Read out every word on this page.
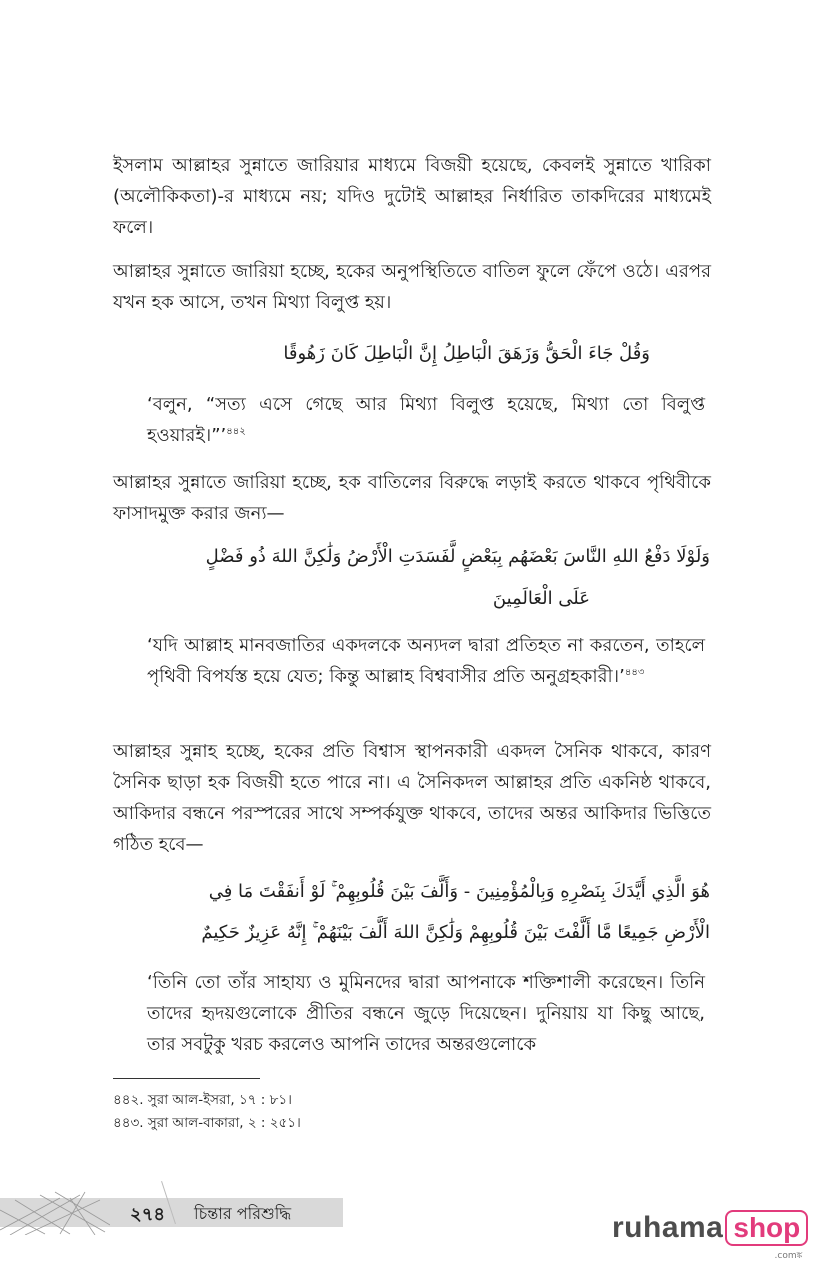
ইসলাম আল্লাহর সুন্নাতে জারিয়ার মাধ্যমে বিজয়ী হয়েছে, কেবলই সুন্নাতে খারিকা (অলৌকিকতা)-র মাধ্যমে নয়; যদিও দুটোই আল্লাহর নির্ধারিত তাকদিরের মাধ্যমেই ফলে।

আল্লাহর সুন্নাতে জারিয়া হচ্ছে, হকের অনুপস্থিতিতে বাতিল ফুলে ফেঁপে ওঠে। এরপর যখন হক আসে, তখন মিথ্যা বিলুপ্ত হয়।

وَقُلْ جَاءَ الْحَقُّ وَزَهَقَ الْبَاطِلُ إِنَّ الْبَاطِلَ كَانَ زَهُوقًا

‘বলুন, “সত্য এসে গেছে আর মিথ্যা বিলুপ্ত হয়েছে, মিথ্যা তো বিলুপ্ত হওয়ারই।”’$^{৪৪২}$

আল্লাহর সুন্নাতে জারিয়া হচ্ছে, হক বাতিলের বিরুদ্ধে লড়াই করতে থাকবে পৃথিবীকে ফাসাদমুক্ত করার জন্য—

وَلَوْلَا دَفْعُ اللهِ النَّاسَ بَعْضَهُم بِبَعْضٍ لَّفَسَدَتِ الْأَرْضُ وَلَٰكِنَّ اللهَ ذُو فَضْلٍ

عَلَى الْعَالَمِينَ

‘যদি আল্লাহ মানবজাতির একদলকে অন্যদল দ্বারা প্রতিহত না করতেন, তাহলে পৃথিবী বিপর্যস্ত হয়ে যেত; কিন্তু আল্লাহ বিশ্ববাসীর প্রতি অনুগ্রহকারী।’$^{৪৪৩}$

আল্লাহর সুন্নাহ হচ্ছে, হকের প্রতি বিশ্বাস স্থাপনকারী একদল সৈনিক থাকবে, কারণ সৈনিক ছাড়া হক বিজয়ী হতে পারে না। এ সৈনিকদল আল্লাহর প্রতি একনিষ্ঠ থাকবে, আকিদার বন্ধনে পরস্পরের সাথে সম্পর্কযুক্ত থাকবে, তাদের অন্তর আকিদার ভিত্তিতে গঠিত হবে—

هُوَ الَّذِي أَيَّدَكَ بِنَصْرِهِ وَبِالْمُؤْمِنِينَ - وَأَلَّفَ بَيْنَ قُلُوبِهِمْ ۚ لَوْ أَنفَقْتَ مَا فِي

الْأَرْضِ جَمِيعًا مَّا أَلَّفْتَ بَيْنَ قُلُوبِهِمْ وَلَٰكِنَّ اللهَ أَلَّفَ بَيْنَهُمْ ۚ إِنَّهُ عَزِيزٌ حَكِيمٌ

‘তিনি তো তাঁর সাহায্য ও মুমিনদের দ্বারা আপনাকে শক্তিশালী করেছেন। তিনি তাদের হৃদয়গুলোকে প্রীতির বন্ধনে জুড়ে দিয়েছেন। দুনিয়ায় যা কিছু আছে, তার সবটুকু খরচ করলেও আপনি তাদের অন্তরগুলোকে

৪৪২. সুরা আল-ইসরা, ১৭ : ৮১।
৪৪৩. সুরা আল-বাকারা, ২ : ২৫১।
২৭৪ চিন্তার পরিশুদ্ধি	ruhama shop
.comঙ্ক
